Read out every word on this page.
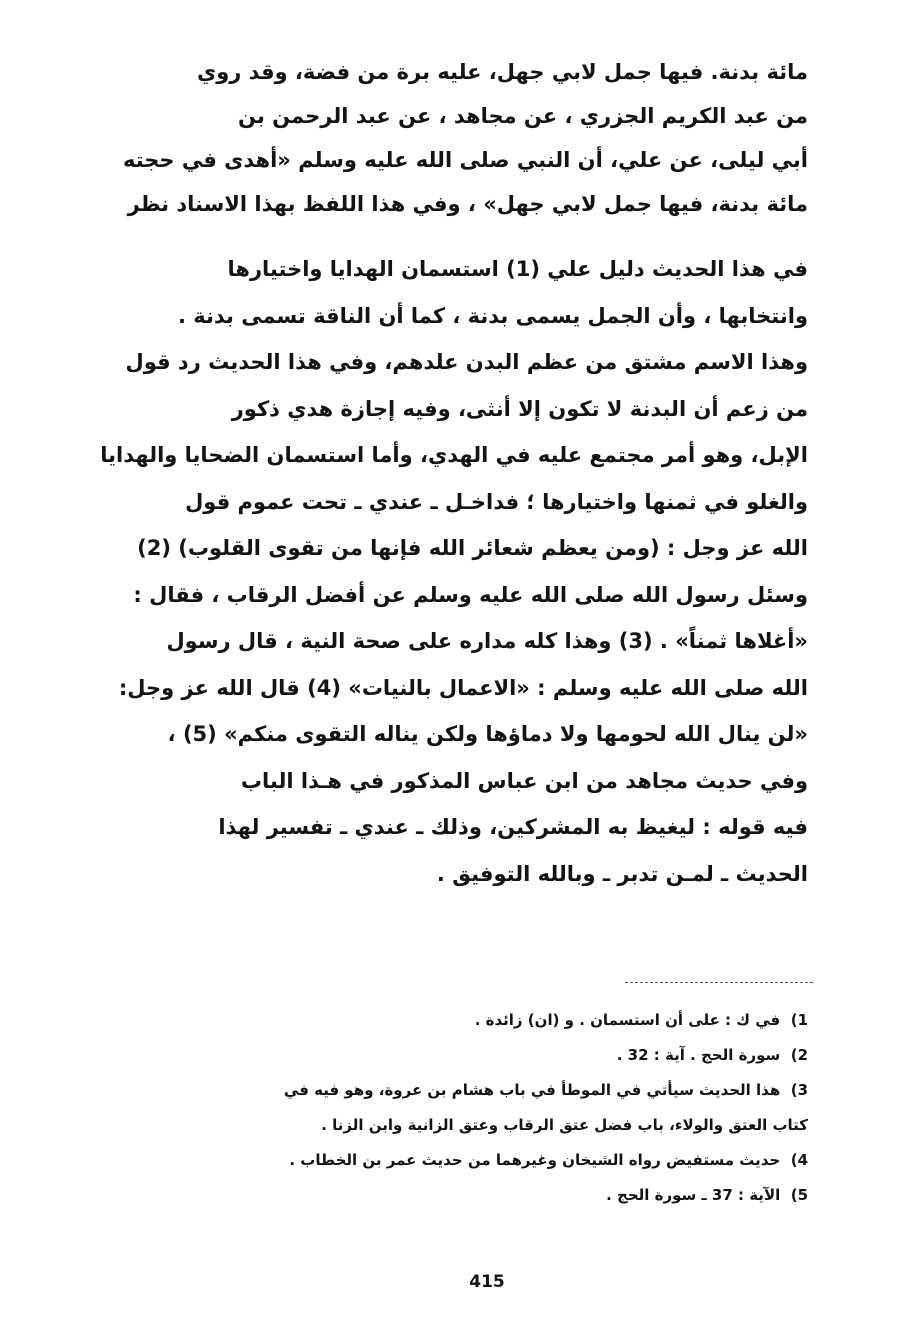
مائة بدنة. فيها جمل لابي جهل، عليه برة من فضة، وقد روي
من عبد الكريم الجزري ، عن مجاهد ، عن عبد الرحمن بن
أبي ليلى، عن علي، أن النبي صلى الله عليه وسلم «أهدى في حجته
مائة بدنة، فيها جمل لابي جهل» ، وفي هذا اللفظ بهذا الاسناد نظر
في هذا الحديث دليل علي (1) استسمان الهدايا واختيارها
وانتخابها ، وأن الجمل يسمى بدنة ، كما أن الناقة تسمى بدنة .
وهذا الاسم مشتق من عظم البدن علدهم، وفي هذا الحديث رد قول
من زعم أن البدنة لا تكون إلا أنثى، وفيه إجازة هدي ذكور
الإبل، وهو أمر مجتمع عليه في الهدي، وأما استسمان الضحايا والهدايا
والغلو في ثمنها واختيارها ؛ فداخـل ـ عندي ـ تحت عموم قول
الله عز وجل : (ومن يعظم شعائر الله فإنها من تقوى القلوب) (2)
وسئل رسول الله صلى الله عليه وسلم عن أفضل الرقاب ، فقال :
«أغلاها ثمناً» . (3) وهذا كله مداره على صحة النية ، قال رسول
الله صلى الله عليه وسلم : «الاعمال بالنيات» (4) قال الله عز وجل:
«لن ينال الله لحومها ولا دماؤها ولكن يناله التقوى منكم» (5) ،
وفي حديث مجاهد من ابن عباس المذكور في هـذا الباب
فيه قوله : ليغيظ به المشركين، وذلك ـ عندي ـ تفسير لهذا
الحديث ـ لمـن تدبر ـ وبالله التوفيق .
1)  في ك : على أن استسمان . و (ان) زائدة .
2)  سورة الحج . آية : 32 .
3)  هذا الحديث سيأتي في الموطأ في باب هشام بن عروة، وهو فيه في
كتاب العتق والولاء، باب فضل عتق الرقاب وعتق الزانية وابن الزنا .
4)  حديث مستفيض رواه الشيخان وغيرهما من حديث عمر بن الخطاب .
5)  الآية : 37 ـ سورة الحج .
415
